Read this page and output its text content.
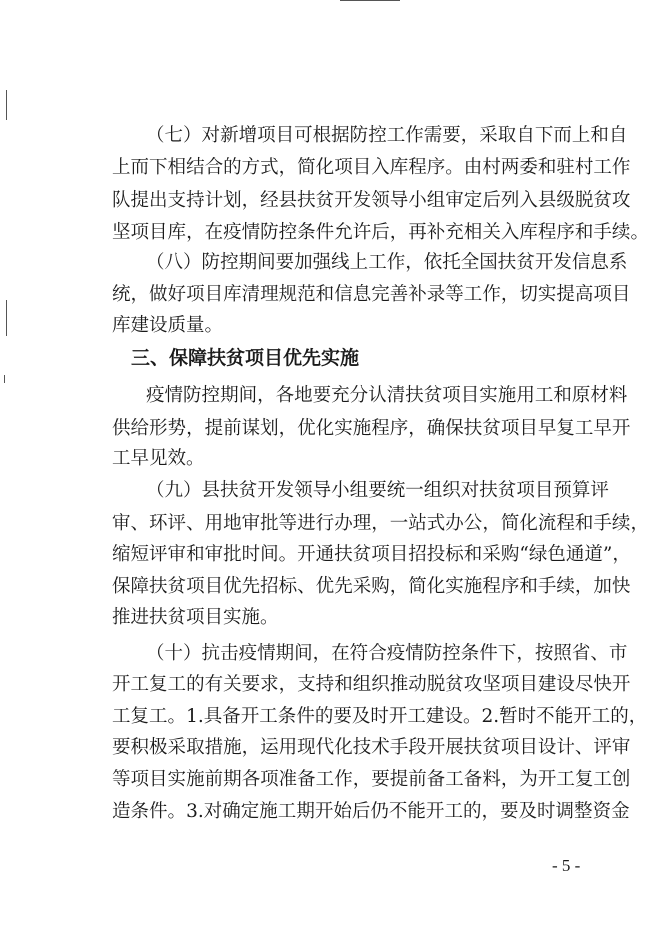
（ 七 ） 对 新 增 项 目 可 根 据 防 控 工 作 需 要 ， 采 取 自 下 而 上 和 自
上 而 下 相 结 合 的 方 式 ， 简 化 项 目 入 库 程 序 。 由 村 两 委 和 驻 村 工 作
队 提 出 支 持 计 划 ， 经 县 扶 贫 开 发 领 导 小 组 审 定 后 列 入 县 级 脱 贫 攻
坚 项 目 库 ， 在 疫 情 防 控 条 件 允 许 后 ， 再 补 充 相 关 入 库 程 序 和 手 续 。
（ 八 ） 防 控 期 间 要 加 强 线 上 工 作 ， 依 托 全 国 扶 贫 开 发 信 息 系
统 ， 做 好 项 目 库 清 理 规 范 和 信 息 完 善 补 录 等 工 作 ， 切 实 提 高 项 目
库建设质量。
三、保障扶贫项目优先实施
疫 情 防 控 期 间 ， 各 地 要 充 分 认 清 扶 贫 项 目 实 施 用 工 和 原 材 料
供 给 形 势 ， 提 前 谋 划 ， 优 化 实 施 程 序 ， 确 保 扶 贫 项 目 早 复 工 早 开
工早见效。
（ 九 ） 县 扶 贫 开 发 领 导 小 组 要 统 一 组 织 对 扶 贫 项 目 预 算 评
审 、 环 评 、 用 地 审 批 等 进 行 办 理 ， 一 站 式 办 公 ， 简 化 流 程 和 手 续 ，
缩 短 评 审 和 审 批 时 间 。 开 通 扶 贫 项 目 招 投 标 和 采 购 “ 绿 色 通 道 ” ，
保 障 扶 贫 项 目 优 先 招 标 、 优 先 采 购 ， 简 化 实 施 程 序 和 手 续 ， 加 快
推进扶贫项目实施。
（ 十 ） 抗 击 疫 情 期 间 ， 在 符 合 疫 情 防 控 条 件 下 ， 按 照 省 、 市
开 工 复 工 的 有 关 要 求 ， 支 持 和 组 织 推 动 脱 贫 攻 坚 项 目 建 设 尽 快 开
工 复 工 。 1 . 具 备 开 工 条 件 的 要 及 时 开 工 建 设 。 2 . 暂 时 不 能 开 工 的 ，
要 积 极 采 取 措 施 ， 运 用 现 代 化 技 术 手 段 开 展 扶 贫 项 目 设 计 、 评 审
等 项 目 实 施 前 期 各 项 准 备 工 作 ， 要 提 前 备 工 备 料 ， 为 开 工 复 工 创
造 条 件 。 3 . 对 确 定 施 工 期 开 始 后 仍 不 能 开 工 的 ， 要 及 时 调 整 资 金
- 5 -
